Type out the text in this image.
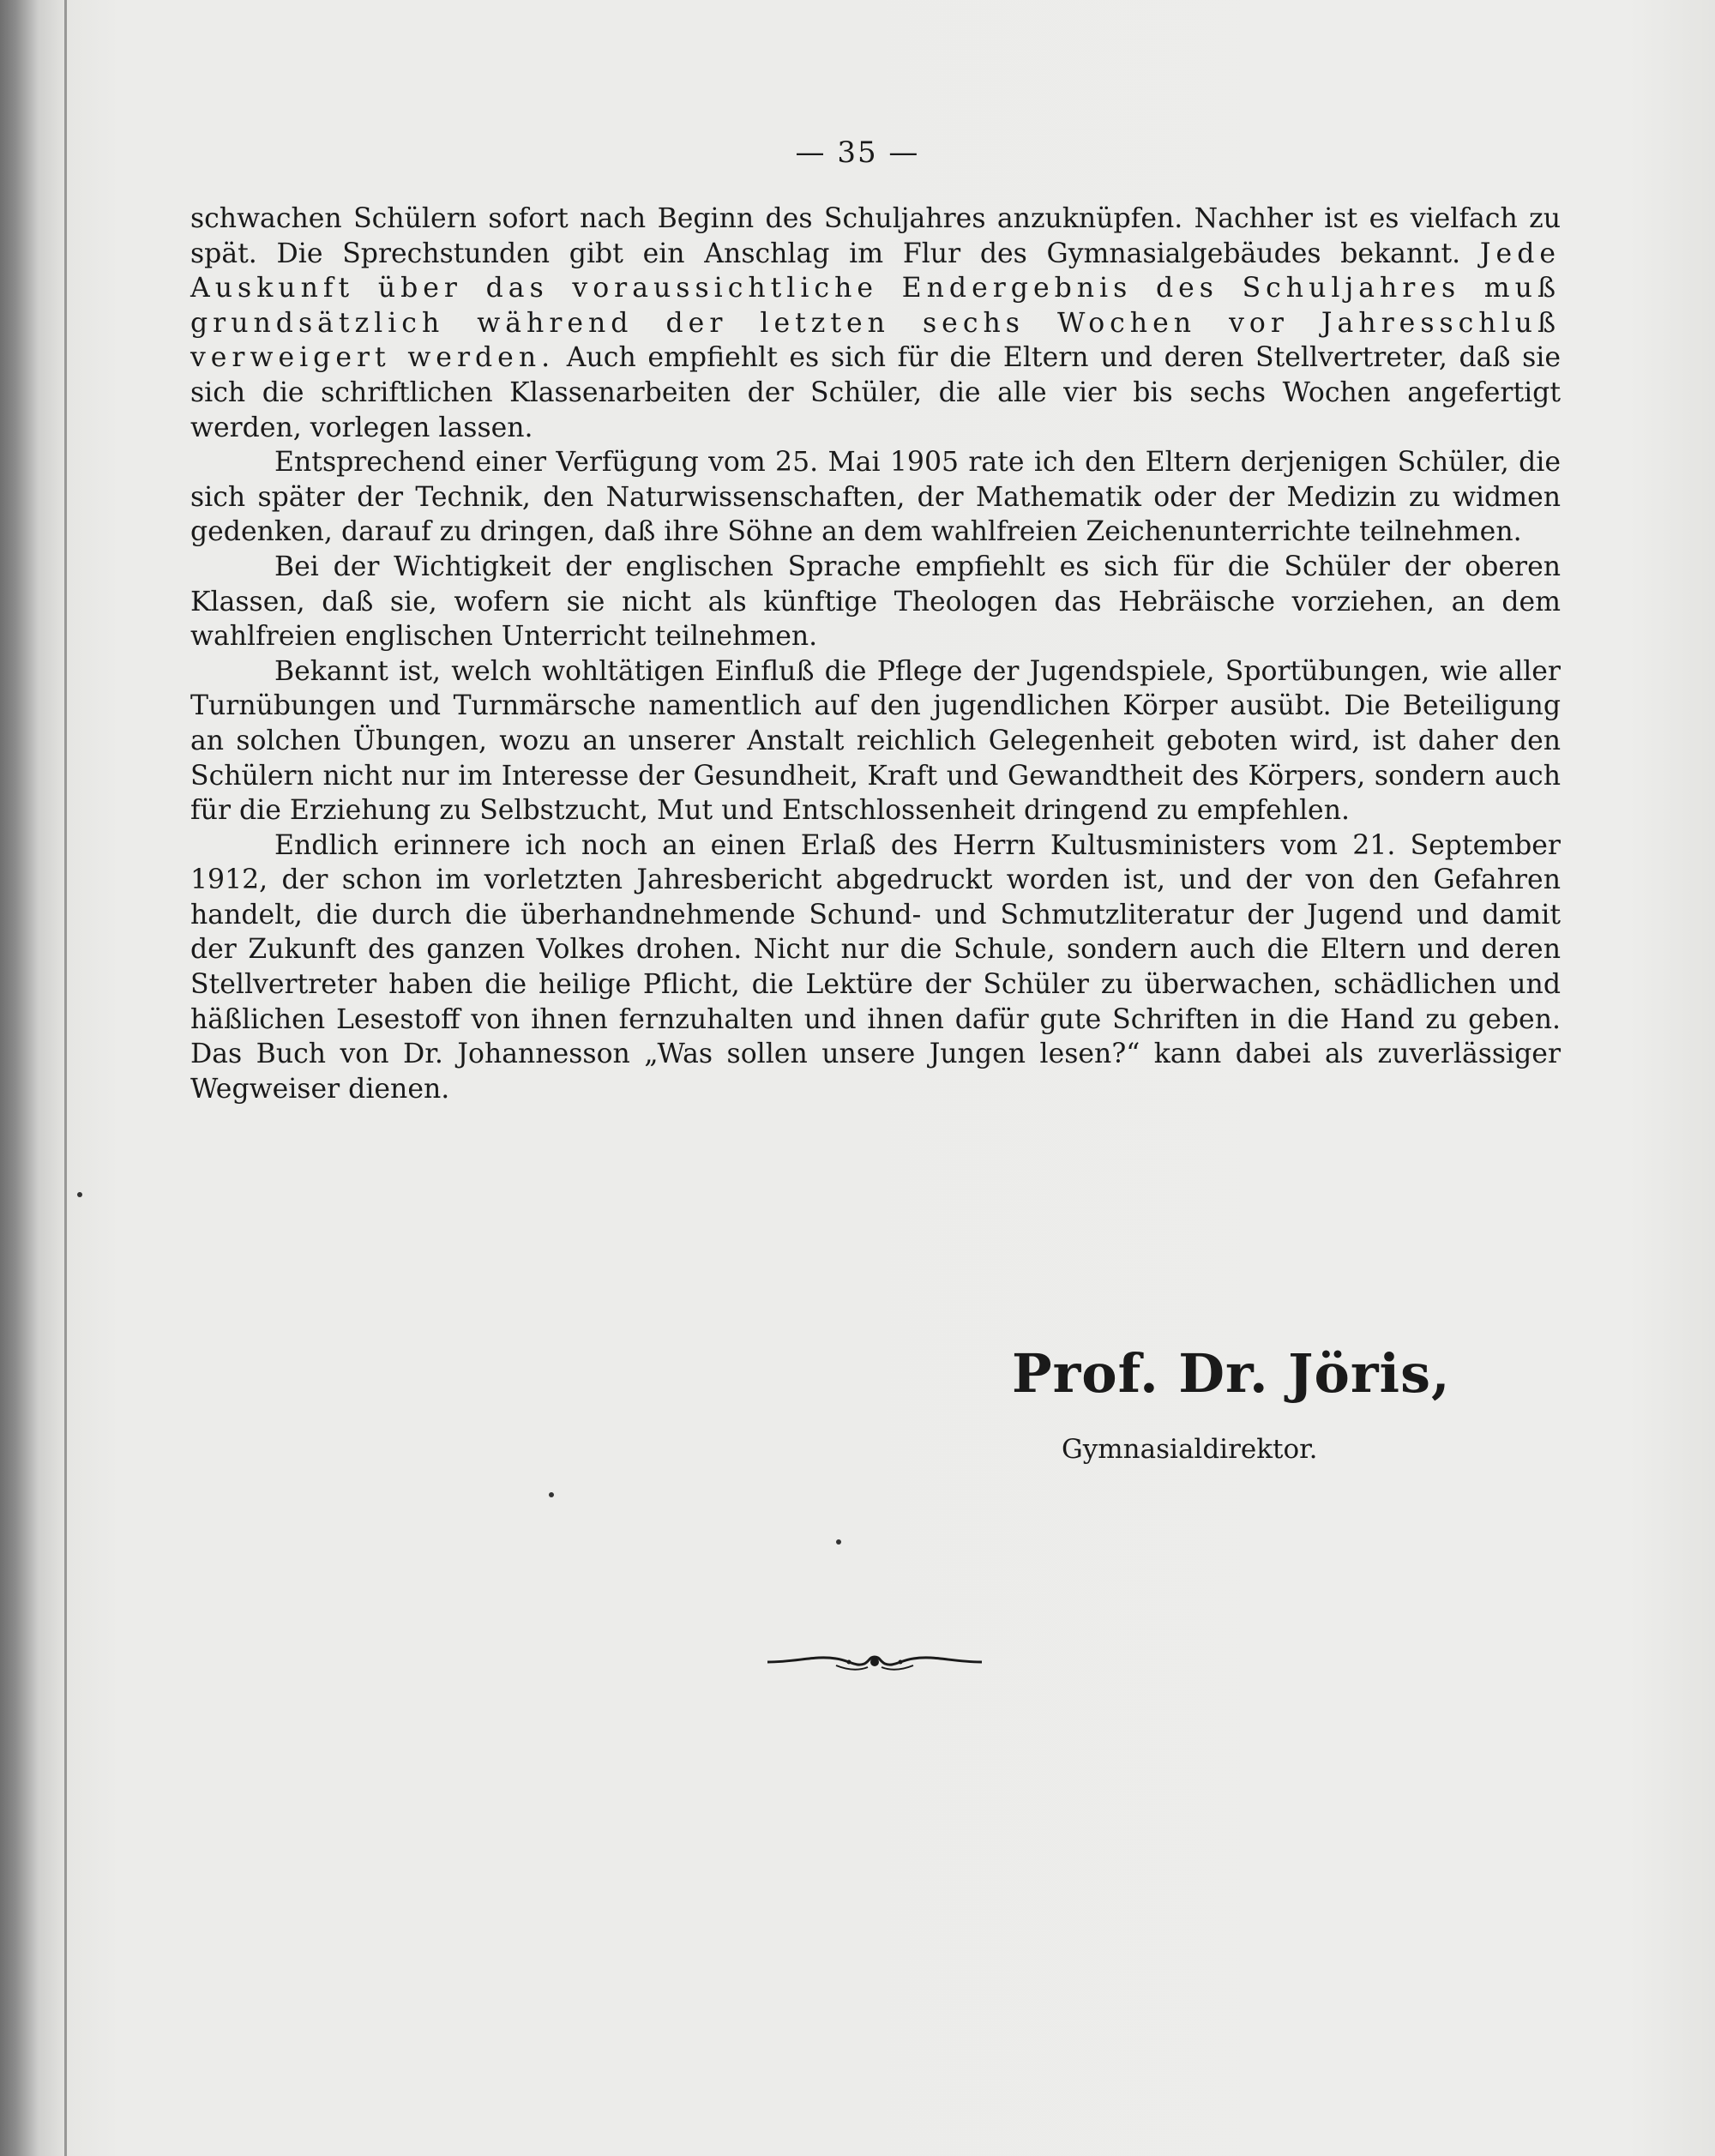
— 35 —

schwachen Schülern sofort nach Beginn des Schuljahres anzuknüpfen. Nachher ist es vielfach zu spät. Die Sprechstunden gibt ein Anschlag im Flur des Gymnasialgebäudes bekannt. Jede Auskunft über das voraussichtliche Endergebnis des Schuljahres muß grundsätzlich während der letzten sechs Wochen vor Jahresschluß verweigert werden. Auch empfiehlt es sich für die Eltern und deren Stellvertreter, daß sie sich die schriftlichen Klassenarbeiten der Schüler, die alle vier bis sechs Wochen angefertigt werden, vorlegen lassen.

Entsprechend einer Verfügung vom 25. Mai 1905 rate ich den Eltern derjenigen Schüler, die sich später der Technik, den Naturwissenschaften, der Mathematik oder der Medizin zu widmen gedenken, darauf zu dringen, daß ihre Söhne an dem wahlfreien Zeichenunterrichte teilnehmen.

Bei der Wichtigkeit der englischen Sprache empfiehlt es sich für die Schüler der oberen Klassen, daß sie, wofern sie nicht als künftige Theologen das Hebräische vorziehen, an dem wahlfreien englischen Unterricht teilnehmen.

Bekannt ist, welch wohltätigen Einfluß die Pflege der Jugendspiele, Sportübungen, wie aller Turnübungen und Turnmärsche namentlich auf den jugendlichen Körper ausübt. Die Beteiligung an solchen Übungen, wozu an unserer Anstalt reichlich Gelegenheit geboten wird, ist daher den Schülern nicht nur im Interesse der Gesundheit, Kraft und Gewandtheit des Körpers, sondern auch für die Erziehung zu Selbstzucht, Mut und Entschlossenheit dringend zu empfehlen.

Endlich erinnere ich noch an einen Erlaß des Herrn Kultusministers vom 21. September 1912, der schon im vorletzten Jahresbericht abgedruckt worden ist, und der von den Gefahren handelt, die durch die überhandnehmende Schund- und Schmutzliteratur der Jugend und damit der Zukunft des ganzen Volkes drohen. Nicht nur die Schule, sondern auch die Eltern und deren Stellvertreter haben die heilige Pflicht, die Lektüre der Schüler zu überwachen, schädlichen und häßlichen Lesestoff von ihnen fernzuhalten und ihnen dafür gute Schriften in die Hand zu geben. Das Buch von Dr. Johannesson „Was sollen unsere Jungen lesen?“ kann dabei als zuverlässiger Wegweiser dienen.

Prof. Dr. Jöris,
Gymnasialdirektor.
